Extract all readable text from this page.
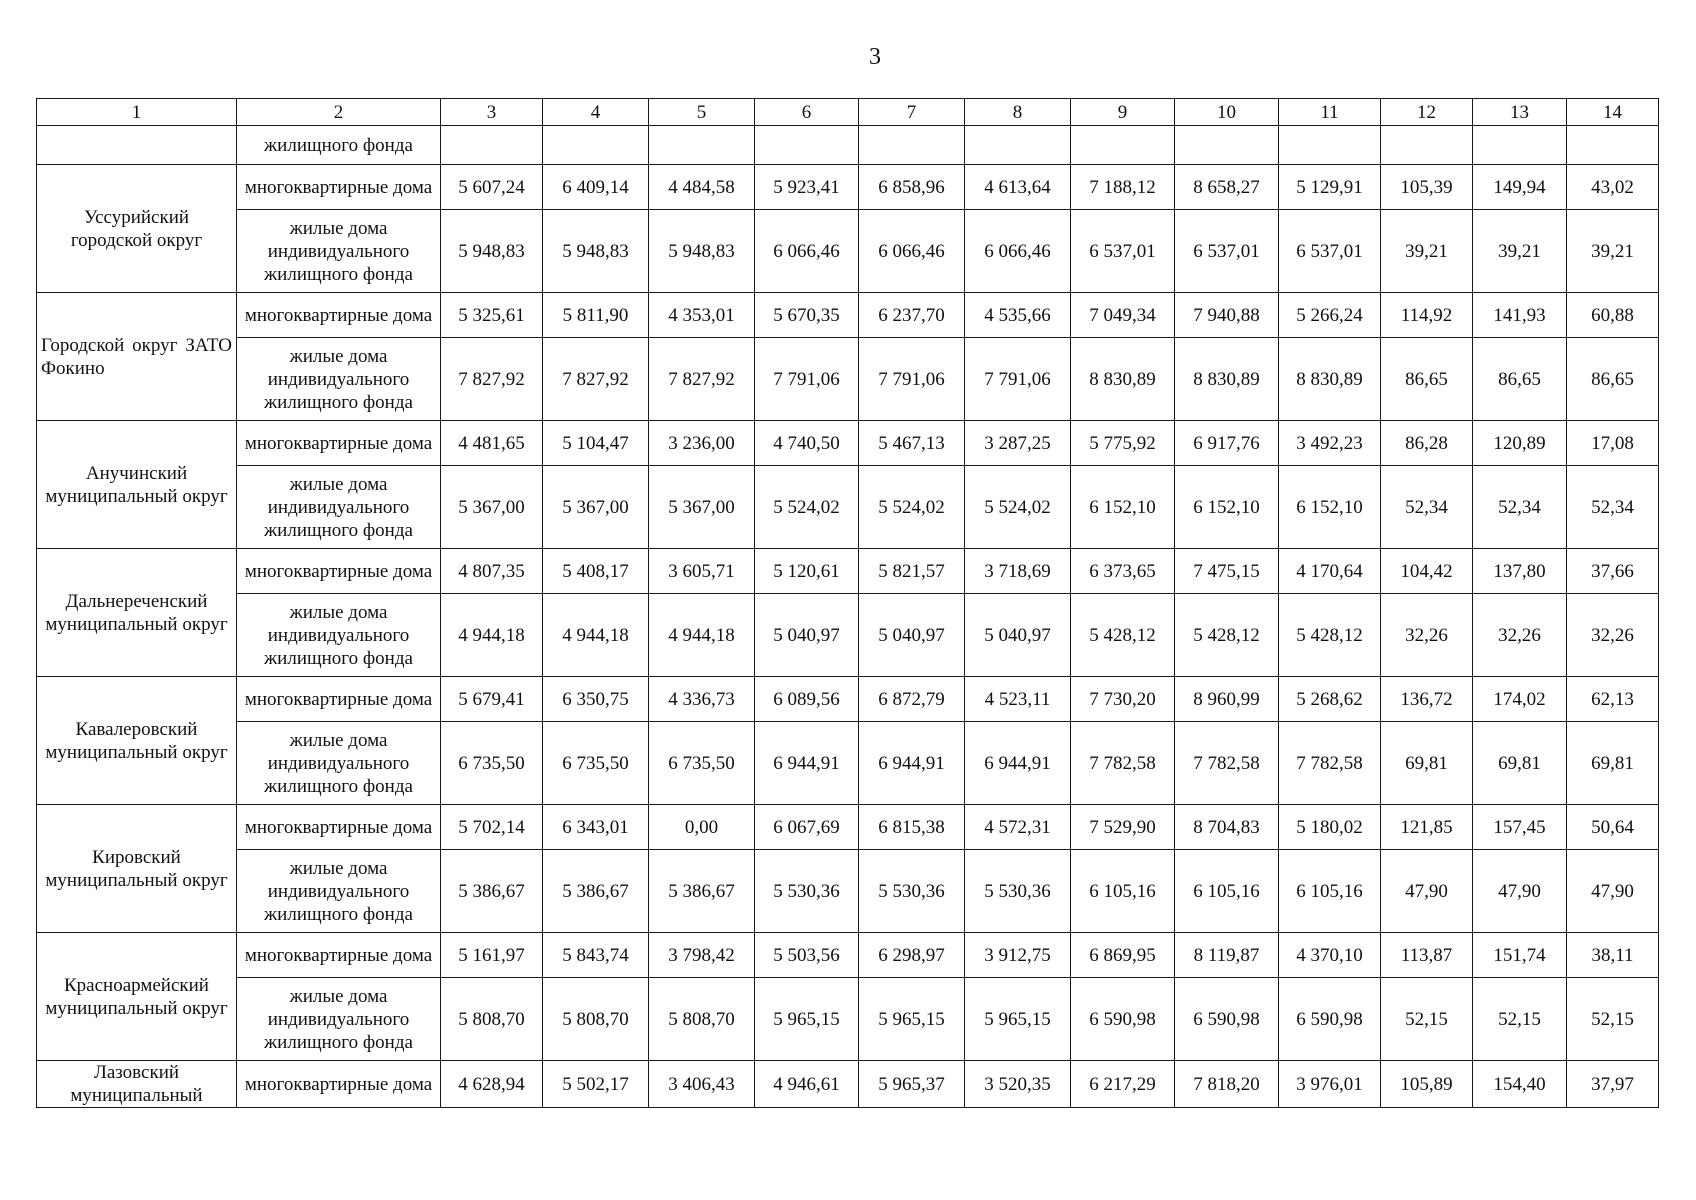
3
1	2	3	4	5	6	7	8	9	10	11	12	13	14
	жилищного фонда												
Уссурийский городской округ	многоквартирные дома	5 607,24	6 409,14	4 484,58	5 923,41	6 858,96	4 613,64	7 188,12	8 658,27	5 129,91	105,39	149,94	43,02
	жилые дома индивидуального жилищного фонда	5 948,83	5 948,83	5 948,83	6 066,46	6 066,46	6 066,46	6 537,01	6 537,01	6 537,01	39,21	39,21	39,21
Городской округ ЗАТО Фокино	многоквартирные дома	5 325,61	5 811,90	4 353,01	5 670,35	6 237,70	4 535,66	7 049,34	7 940,88	5 266,24	114,92	141,93	60,88
	жилые дома индивидуального жилищного фонда	7 827,92	7 827,92	7 827,92	7 791,06	7 791,06	7 791,06	8 830,89	8 830,89	8 830,89	86,65	86,65	86,65
Анучинский муниципальный округ	многоквартирные дома	4 481,65	5 104,47	3 236,00	4 740,50	5 467,13	3 287,25	5 775,92	6 917,76	3 492,23	86,28	120,89	17,08
	жилые дома индивидуального жилищного фонда	5 367,00	5 367,00	5 367,00	5 524,02	5 524,02	5 524,02	6 152,10	6 152,10	6 152,10	52,34	52,34	52,34
Дальнереченский муниципальный округ	многоквартирные дома	4 807,35	5 408,17	3 605,71	5 120,61	5 821,57	3 718,69	6 373,65	7 475,15	4 170,64	104,42	137,80	37,66
	жилые дома индивидуального жилищного фонда	4 944,18	4 944,18	4 944,18	5 040,97	5 040,97	5 040,97	5 428,12	5 428,12	5 428,12	32,26	32,26	32,26
Кавалеровский муниципальный округ	многоквартирные дома	5 679,41	6 350,75	4 336,73	6 089,56	6 872,79	4 523,11	7 730,20	8 960,99	5 268,62	136,72	174,02	62,13
	жилые дома индивидуального жилищного фонда	6 735,50	6 735,50	6 735,50	6 944,91	6 944,91	6 944,91	7 782,58	7 782,58	7 782,58	69,81	69,81	69,81
Кировский муниципальный округ	многоквартирные дома	5 702,14	6 343,01	0,00	6 067,69	6 815,38	4 572,31	7 529,90	8 704,83	5 180,02	121,85	157,45	50,64
	жилые дома индивидуального жилищного фонда	5 386,67	5 386,67	5 386,67	5 530,36	5 530,36	5 530,36	6 105,16	6 105,16	6 105,16	47,90	47,90	47,90
Красноармейский муниципальный округ	многоквартирные дома	5 161,97	5 843,74	3 798,42	5 503,56	6 298,97	3 912,75	6 869,95	8 119,87	4 370,10	113,87	151,74	38,11
	жилые дома индивидуального жилищного фонда	5 808,70	5 808,70	5 808,70	5 965,15	5 965,15	5 965,15	6 590,98	6 590,98	6 590,98	52,15	52,15	52,15
Лазовский муниципальный	многоквартирные дома	4 628,94	5 502,17	3 406,43	4 946,61	5 965,37	3 520,35	6 217,29	7 818,20	3 976,01	105,89	154,40	37,97
